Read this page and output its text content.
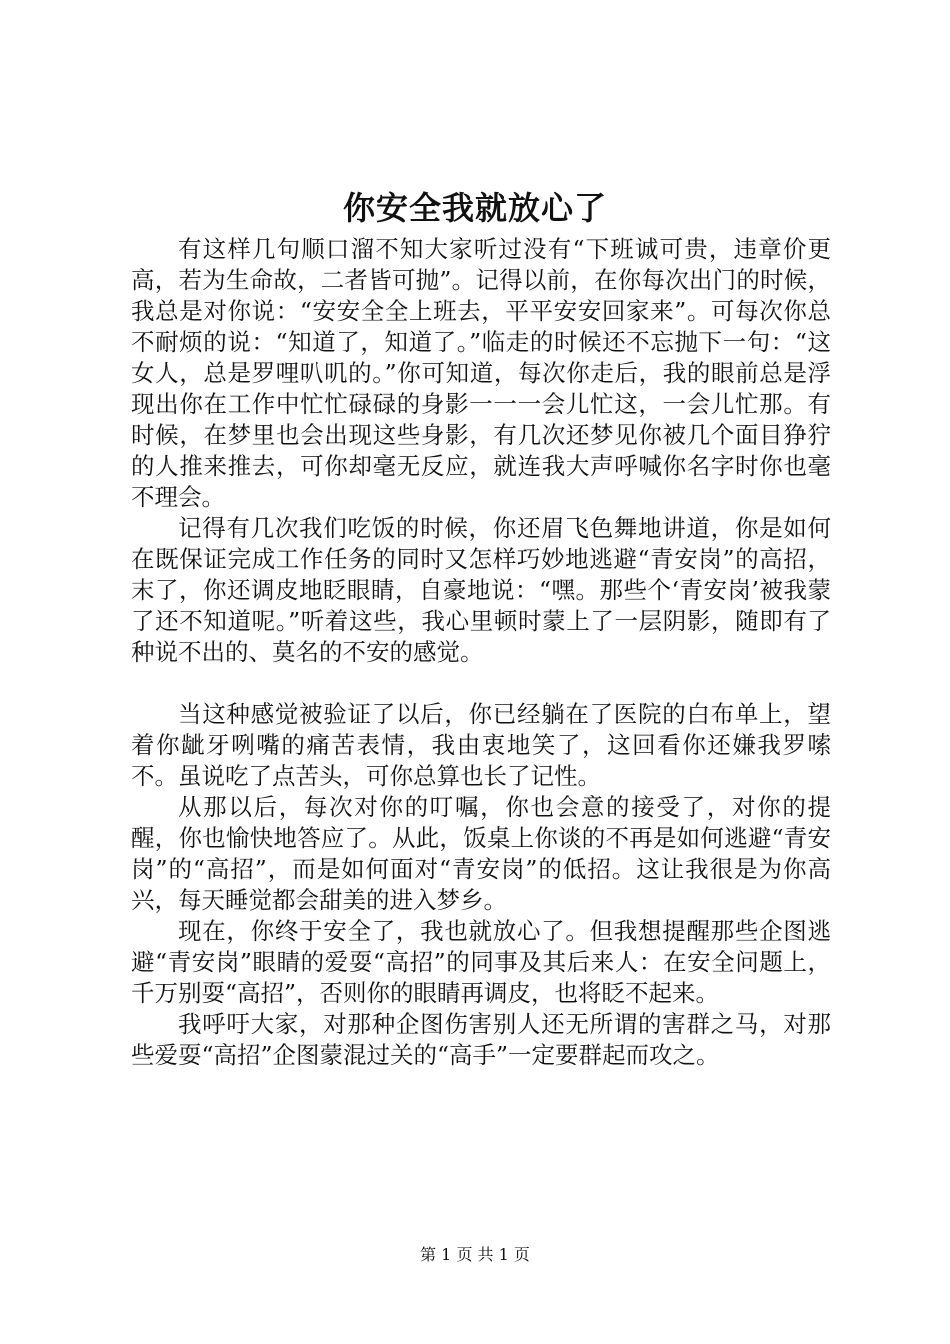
你安全我就放心了

有这样几句顺口溜不知大家听过没有“下班诚可贵，违章价更高，若为生命故，二者皆可抛”。记得以前，在你每次出门的时候，我总是对你说：“安安全全上班去，平平安安回家来”。可每次你总不耐烦的说：“知道了，知道了。”临走的时候还不忘抛下一句：“这女人，总是罗哩叭叽的。”你可知道，每次你走后，我的眼前总是浮现出你在工作中忙忙碌碌的身影一一一会儿忙这，一会儿忙那。有时候，在梦里也会出现这些身影，有几次还梦见你被几个面目狰狞的人推来推去，可你却毫无反应，就连我大声呼喊你名字时你也毫不理会。

记得有几次我们吃饭的时候，你还眉飞色舞地讲道，你是如何在既保证完成工作任务的同时又怎样巧妙地逃避“青安岗”的高招，末了，你还调皮地眨眼睛，自豪地说：“嘿。那些个‘青安岗’被我蒙了还不知道呢。”听着这些，我心里顿时蒙上了一层阴影，随即有了种说不出的、莫名的不安的感觉。

当这种感觉被验证了以后，你已经躺在了医院的白布单上，望着你龇牙咧嘴的痛苦表情，我由衷地笑了，这回看你还嫌我罗嗦不。虽说吃了点苦头，可你总算也长了记性。

从那以后，每次对你的叮嘱，你也会意的接受了，对你的提醒，你也愉快地答应了。从此，饭桌上你谈的不再是如何逃避“青安岗”的“高招”，而是如何面对“青安岗”的低招。这让我很是为你高兴，每天睡觉都会甜美的进入梦乡。

现在，你终于安全了，我也就放心了。但我想提醒那些企图逃避“青安岗”眼睛的爱耍“高招”的同事及其后来人：在安全问题上，千万别耍“高招”，否则你的眼睛再调皮，也将眨不起来。

我呼吁大家，对那种企图伤害别人还无所谓的害群之马，对那些爱耍“高招”企图蒙混过关的“高手”一定要群起而攻之。

第 1 页 共 1 页
